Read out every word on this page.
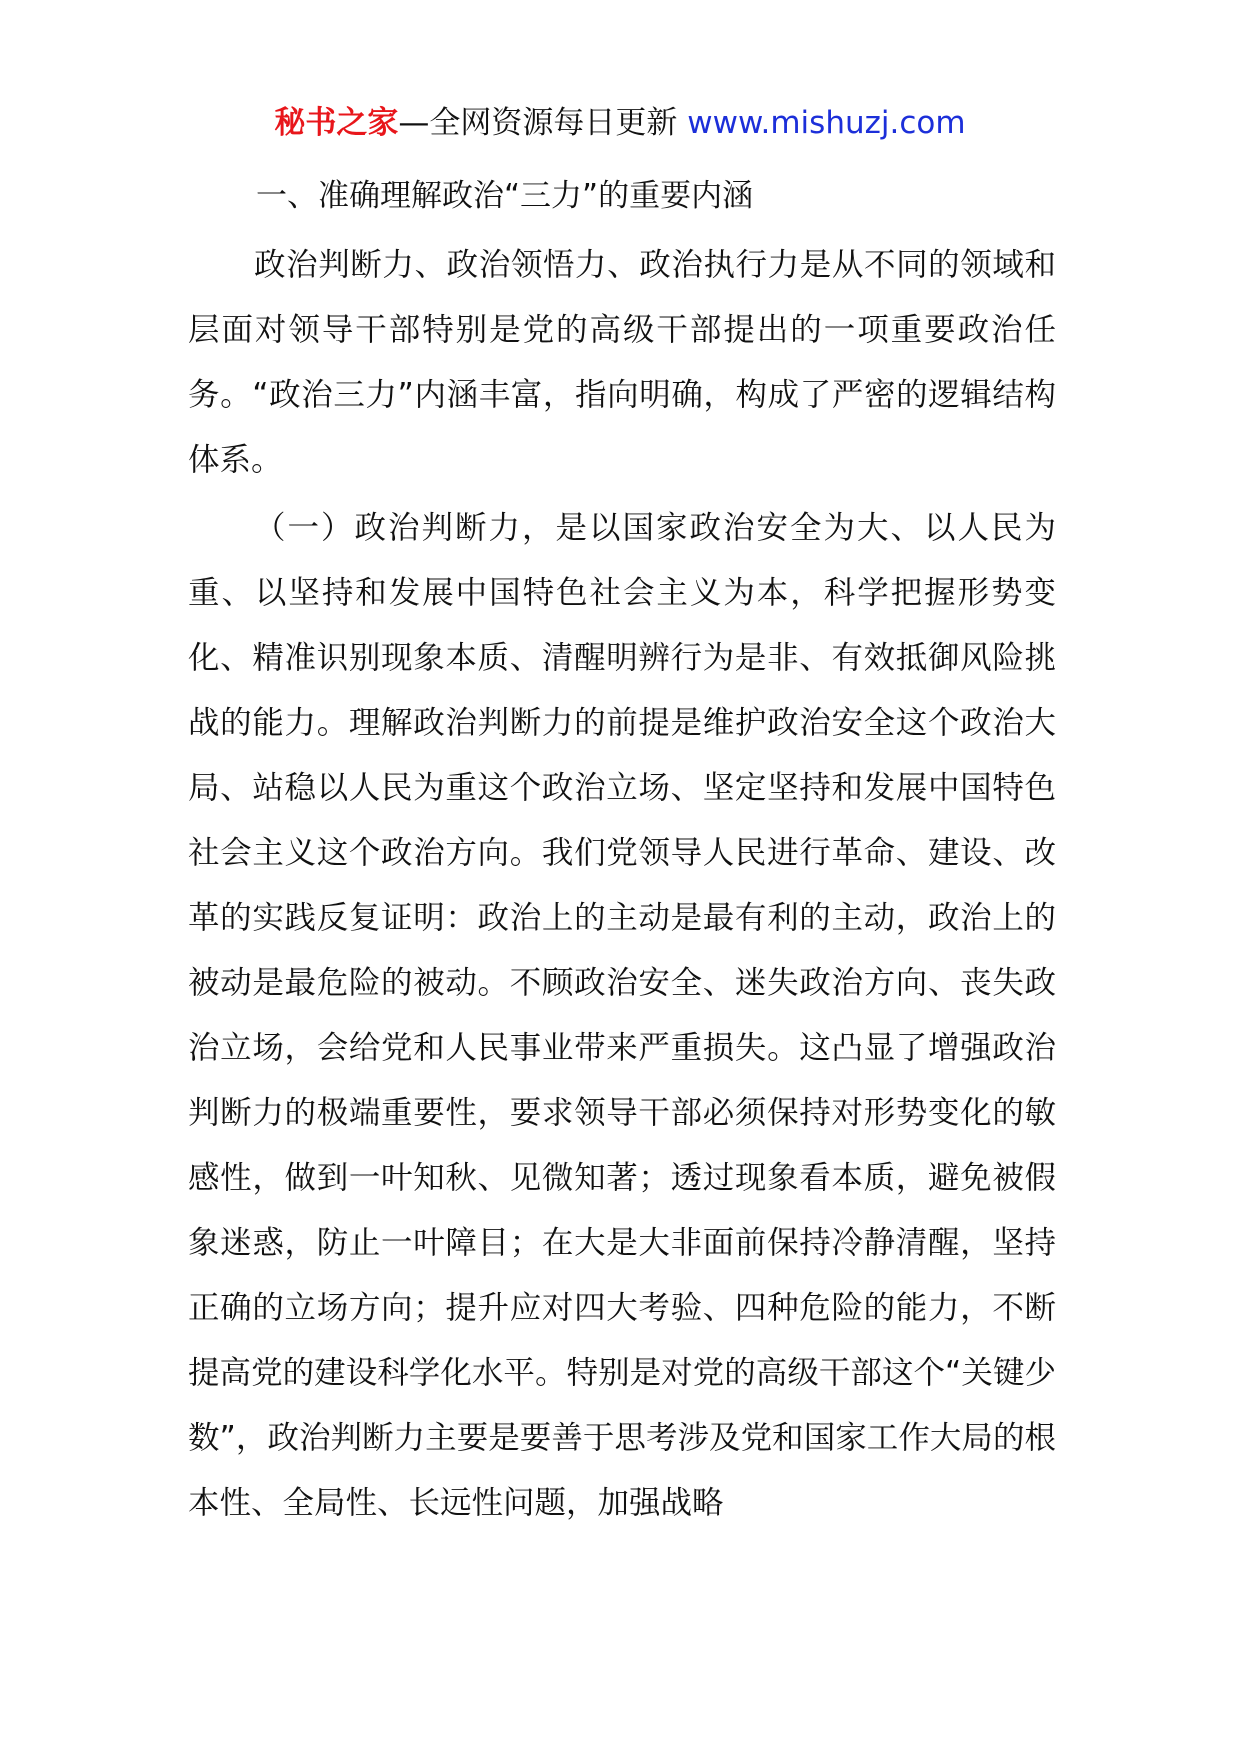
秘书之家—全网资源每日更新 www.mishuzj.com
一、准确理解政治“三力”的重要内涵

政治判断力、政治领悟力、政治执行力是从不同的领域和层面对领导干部特别是党的高级干部提出的一项重要政治任务。“政治三力”内涵丰富，指向明确，构成了严密的逻辑结构体系。

（一）政治判断力，是以国家政治安全为大、以人民为重、以坚持和发展中国特色社会主义为本，科学把握形势变化、精准识别现象本质、清醒明辨行为是非、有效抵御风险挑战的能力。理解政治判断力的前提是维护政治安全这个政治大局、站稳以人民为重这个政治立场、坚定坚持和发展中国特色社会主义这个政治方向。我们党领导人民进行革命、建设、改革的实践反复证明：政治上的主动是最有利的主动，政治上的被动是最危险的被动。不顾政治安全、迷失政治方向、丧失政治立场，会给党和人民事业带来严重损失。这凸显了增强政治判断力的极端重要性，要求领导干部必须保持对形势变化的敏感性，做到一叶知秋、见微知著；透过现象看本质，避免被假象迷惑，防止一叶障目；在大是大非面前保持冷静清醒，坚持正确的立场方向；提升应对四大考验、四种危险的能力，不断提高党的建设科学化水平。特别是对党的高级干部这个“关键少数”，政治判断力主要是要善于思考涉及党和国家工作大局的根本性、全局性、长远性问题，加强战略
